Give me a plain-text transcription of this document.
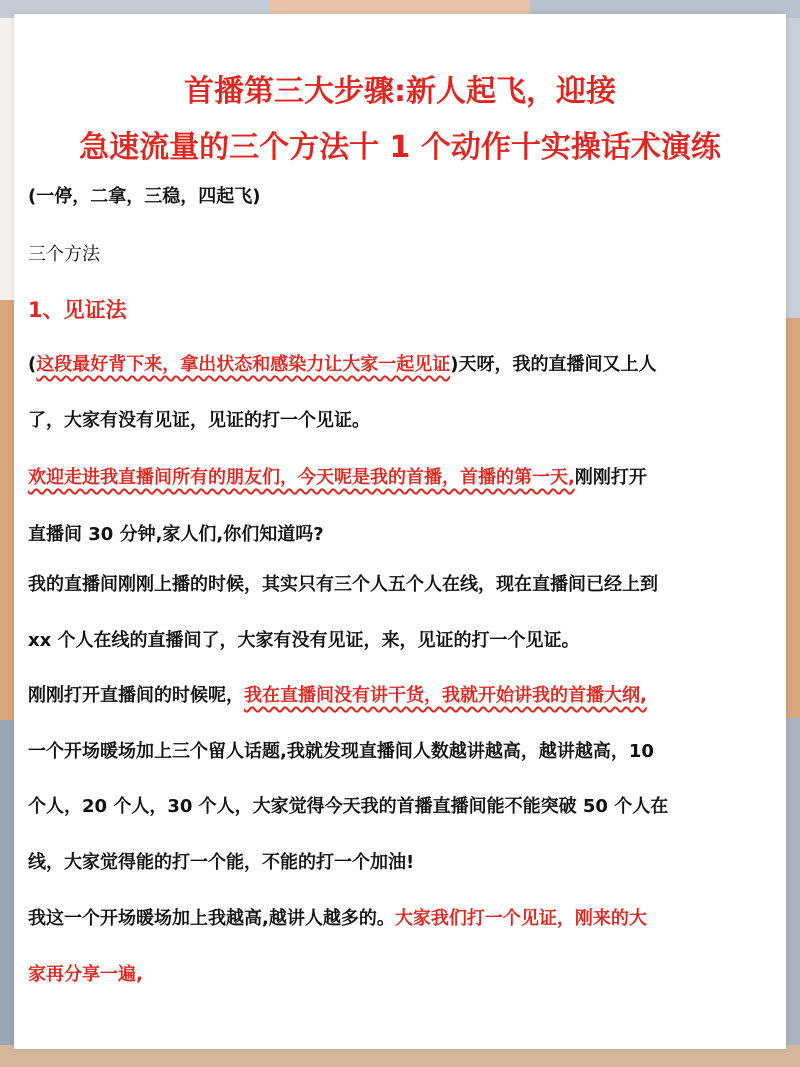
首播第三大步骤:新人起飞，迎接
急速流量的三个方法十 1 个动作十实操话术演练
(一停，二拿，三稳，四起飞)
三个方法
1、见证法
(这段最好背下来，拿出状态和感染力让大家一起见证)天呀，我的直播间又上人
了，大家有没有见证，见证的打一个见证。
欢迎走进我直播间所有的朋友们，今天呢是我的首播，首播的第一天,刚刚打开
直播间 30 分钟,家人们,你们知道吗?
我的直播间刚刚上播的时候，其实只有三个人五个人在线，现在直播间已经上到
xx 个人在线的直播间了，大家有没有见证，来，见证的打一个见证。
刚刚打开直播间的时候呢，我在直播间没有讲干货，我就开始讲我的首播大纲,
一个开场暖场加上三个留人话题,我就发现直播间人数越讲越高，越讲越高，10
个人，20 个人，30 个人，大家觉得今天我的首播直播间能不能突破 50 个人在
线，大家觉得能的打一个能，不能的打一个加油!
我这一个开场暖场加上我越高,越讲人越多的。大家我们打一个见证，刚来的大
家再分享一遍,
